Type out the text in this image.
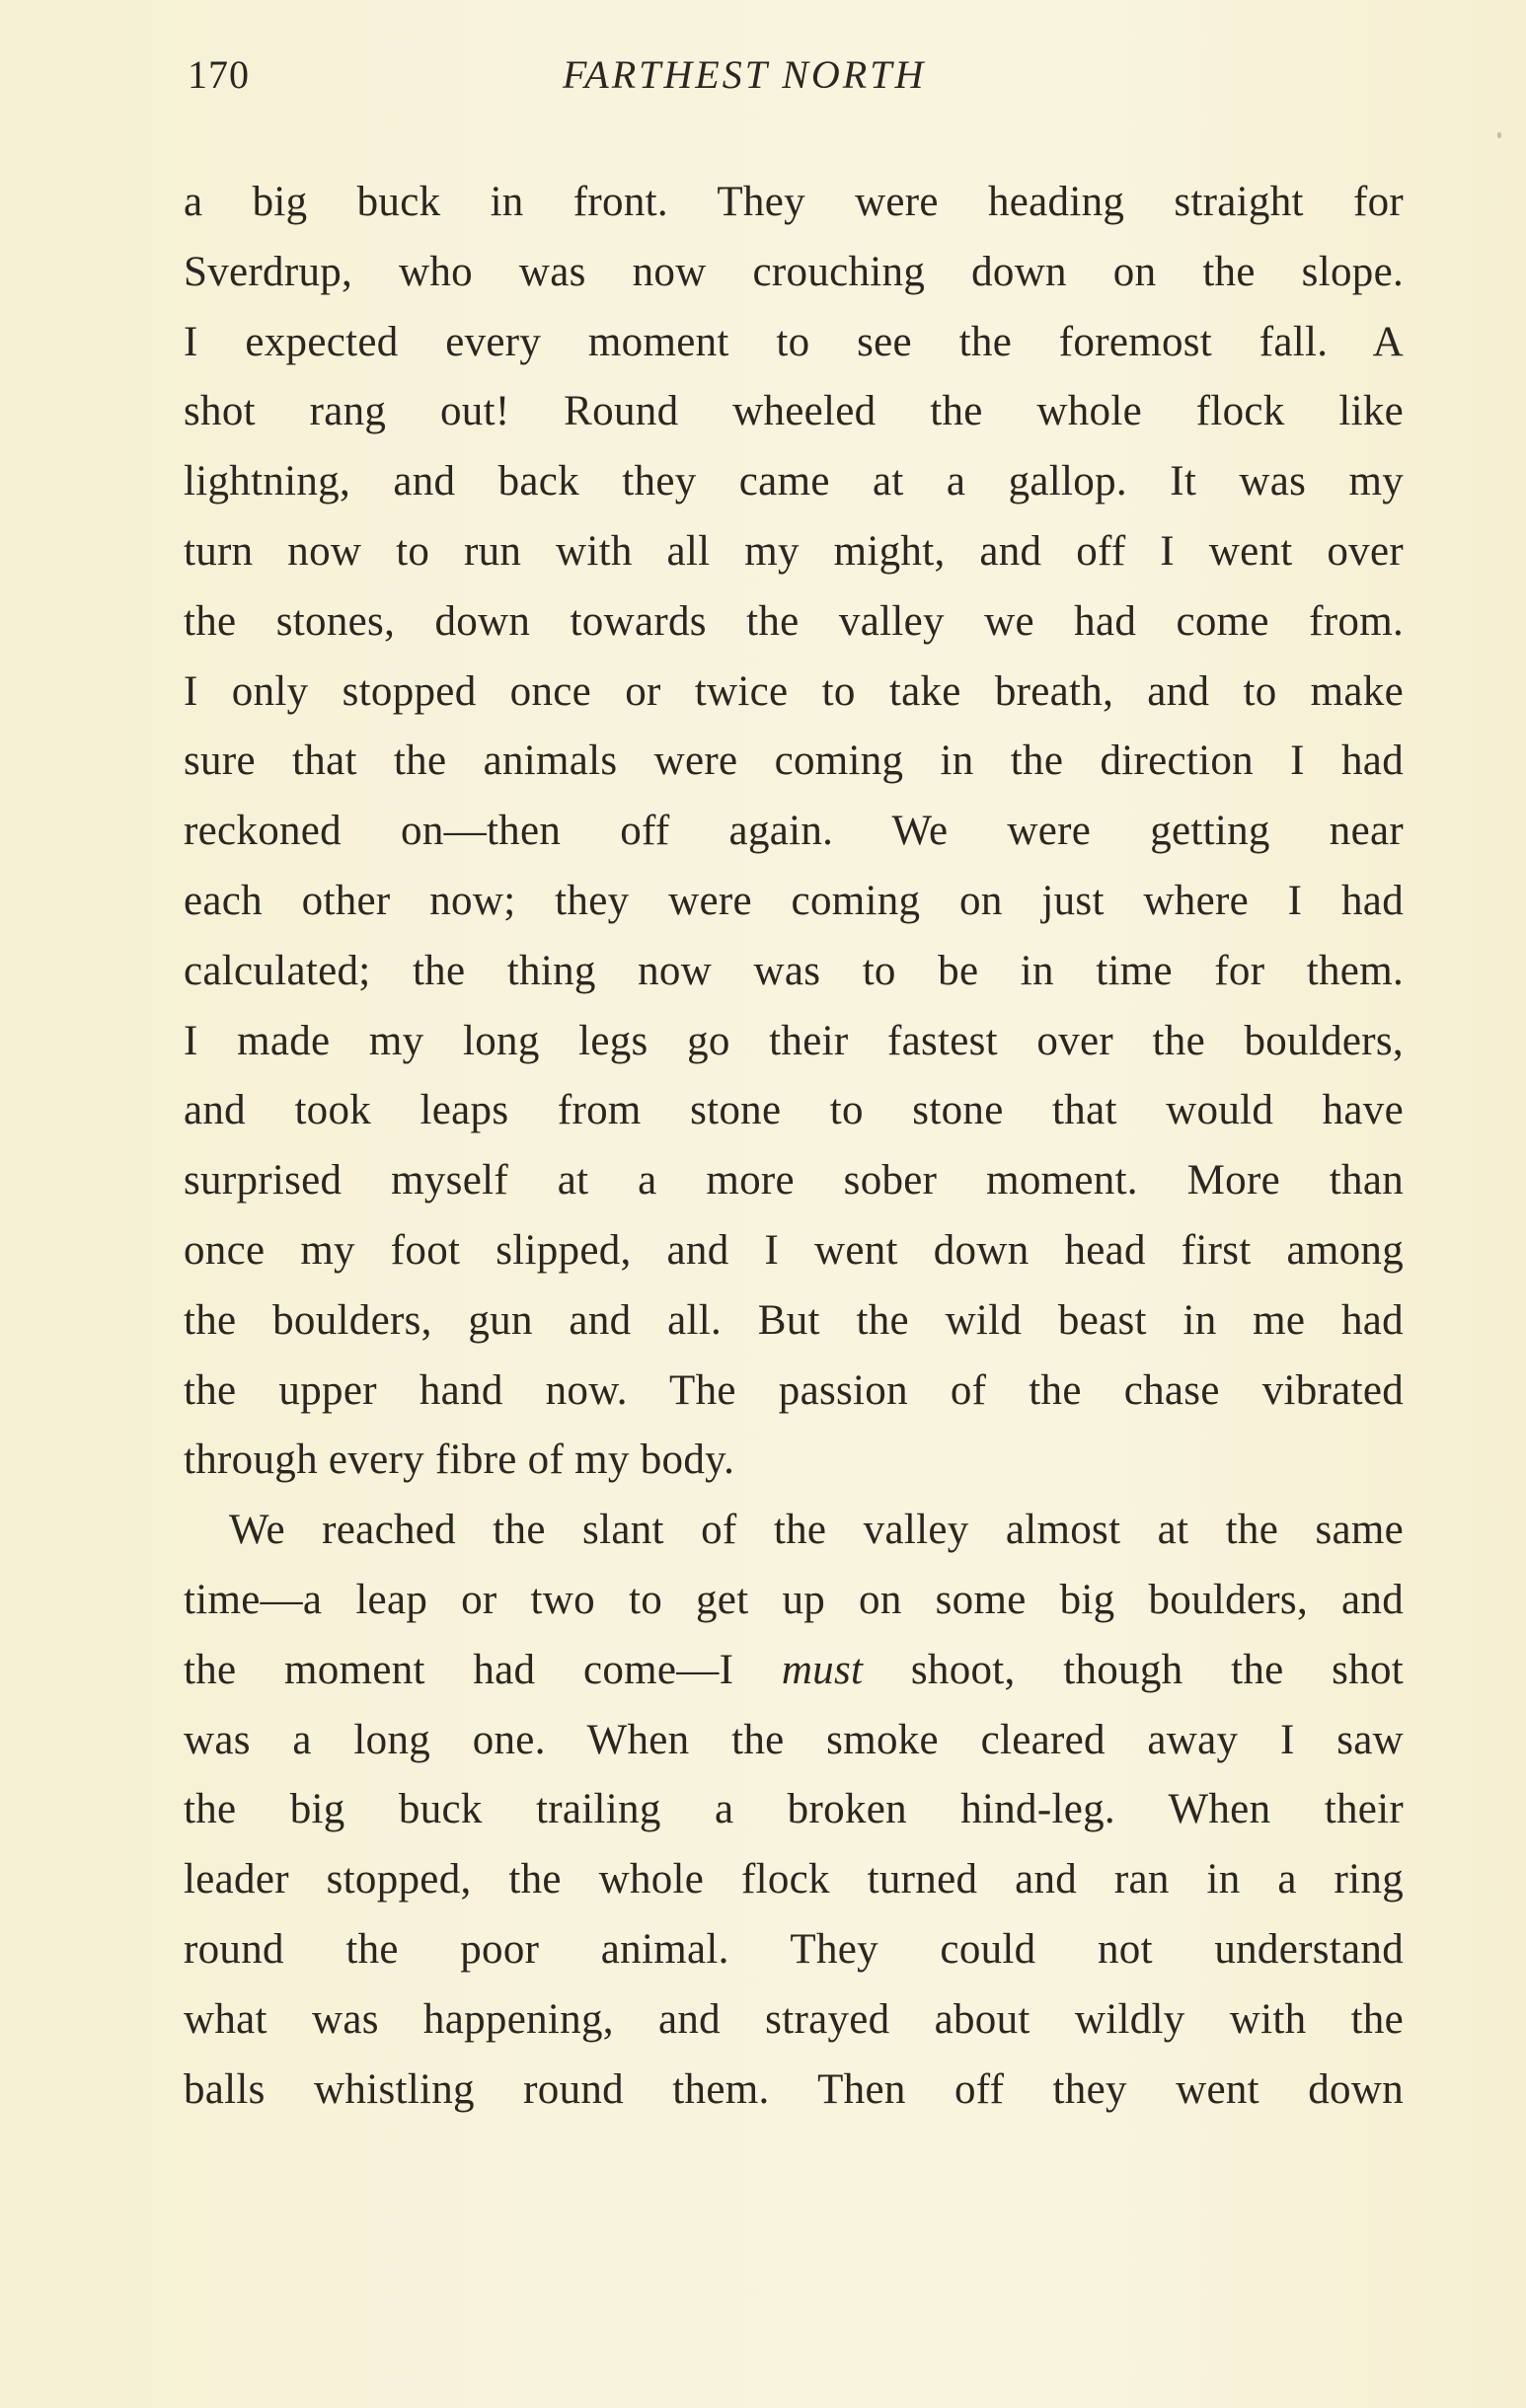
170	FARTHEST NORTH
a big buck in front. They were heading straight for
Sverdrup, who was now crouching down on the slope.
I expected every moment to see the foremost fall. A
shot rang out! Round wheeled the whole flock like
lightning, and back they came at a gallop. It was my
turn now to run with all my might, and off I went over
the stones, down towards the valley we had come from.
I only stopped once or twice to take breath, and to make
sure that the animals were coming in the direction I had
reckoned on—then off again. We were getting near
each other now; they were coming on just where I had
calculated; the thing now was to be in time for them.
I made my long legs go their fastest over the boulders,
and took leaps from stone to stone that would have
surprised myself at a more sober moment. More than
once my foot slipped, and I went down head first among
the boulders, gun and all. But the wild beast in me had
the upper hand now. The passion of the chase vibrated
through every fibre of my body.
We reached the slant of the valley almost at the same
time—a leap or two to get up on some big boulders, and
the moment had come—I must shoot, though the shot
was a long one. When the smoke cleared away I saw
the big buck trailing a broken hind-leg. When their
leader stopped, the whole flock turned and ran in a ring
round the poor animal. They could not understand
what was happening, and strayed about wildly with the
balls whistling round them. Then off they went down
